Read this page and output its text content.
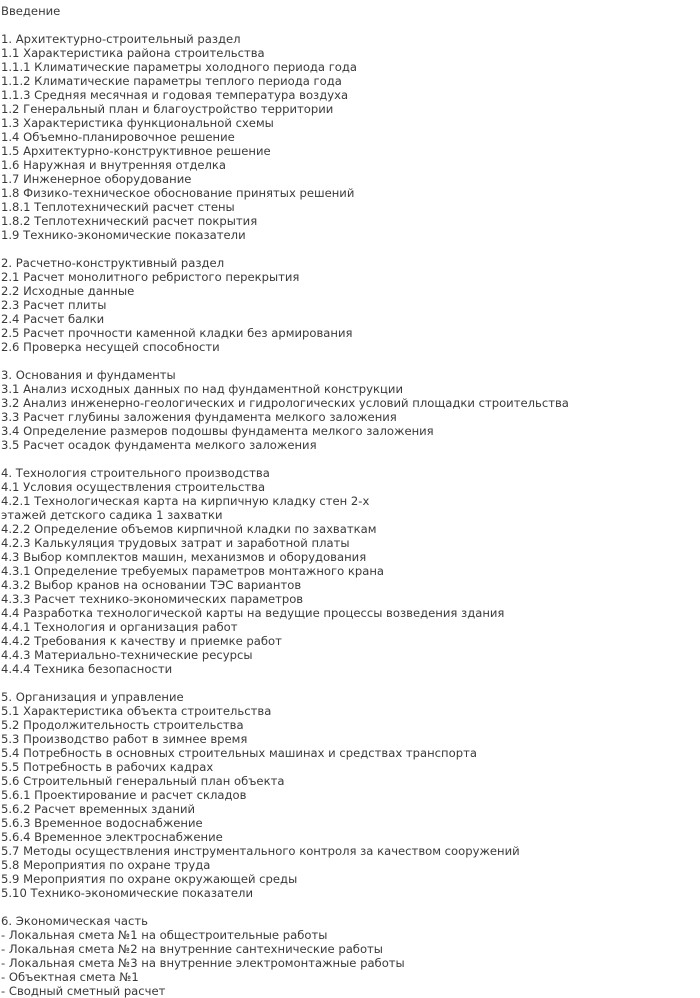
Введение
1. Архитектурно-строительный раздел
1.1 Характеристика района строительства
1.1.1 Климатические параметры холодного периода года
1.1.2 Климатические параметры теплого периода года
1.1.3 Средняя месячная и годовая температура воздуха
1.2 Генеральный план и благоустройство территории
1.3 Характеристика функциональной схемы
1.4 Объемно-планировочное решение
1.5 Архитектурно-конструктивное решение
1.6 Наружная и внутренняя отделка
1.7 Инженерное оборудование
1.8 Физико-техническое обоснование принятых решений
1.8.1 Теплотехнический расчет стены
1.8.2 Теплотехнический расчет покрытия
1.9 Технико-экономические показатели
2. Расчетно-конструктивный раздел
2.1 Расчет монолитного ребристого перекрытия
2.2 Исходные данные
2.3 Расчет плиты
2.4 Расчет балки
2.5 Расчет прочности каменной кладки без армирования
2.6 Проверка несущей способности
3. Основания и фундаменты
3.1 Анализ исходных данных по над фундаментной конструкции
3.2 Анализ инженерно-геологических и гидрологических условий площадки строительства
3.3 Расчет глубины заложения фундамента мелкого заложения
3.4 Определение размеров подошвы фундамента мелкого заложения
3.5 Расчет осадок фундамента мелкого заложения
4. Технология строительного производства
4.1 Условия осуществления строительства
4.2.1 Технологическая карта на кирпичную кладку стен 2-х
этажей детского садика 1 захватки
4.2.2 Определение объемов кирпичной кладки по захваткам
4.2.3 Калькуляция трудовых затрат и заработной платы
4.3 Выбор комплектов машин, механизмов и оборудования
4.3.1 Определение требуемых параметров монтажного крана
4.3.2 Выбор кранов на основании ТЭС вариантов
4.3.3 Расчет технико-экономических параметров
4.4 Разработка технологической карты на ведущие процессы возведения здания
4.4.1 Технология и организация работ
4.4.2 Требования к качеству и приемке работ
4.4.3 Материально-технические ресурсы
4.4.4 Техника безопасности
5. Организация и управление
5.1 Характеристика объекта строительства
5.2 Продолжительность строительства
5.3 Производство работ в зимнее время
5.4 Потребность в основных строительных машинах и средствах транспорта
5.5 Потребность в рабочих кадрах
5.6 Строительный генеральный план объекта
5.6.1 Проектирование и расчет складов
5.6.2 Расчет временных зданий
5.6.3 Временное водоснабжение
5.6.4 Временное электроснабжение
5.7 Методы осуществления инструментального контроля за качеством сооружений
5.8 Мероприятия по охране труда
5.9 Мероприятия по охране окружающей среды
5.10 Технико-экономические показатели
6. Экономическая часть
- Локальная смета №1 на общестроительные работы
- Локальная смета №2 на внутренние сантехнические работы
- Локальная смета №3 на внутренние электромонтажные работы
- Объектная смета №1
- Сводный сметный расчет
